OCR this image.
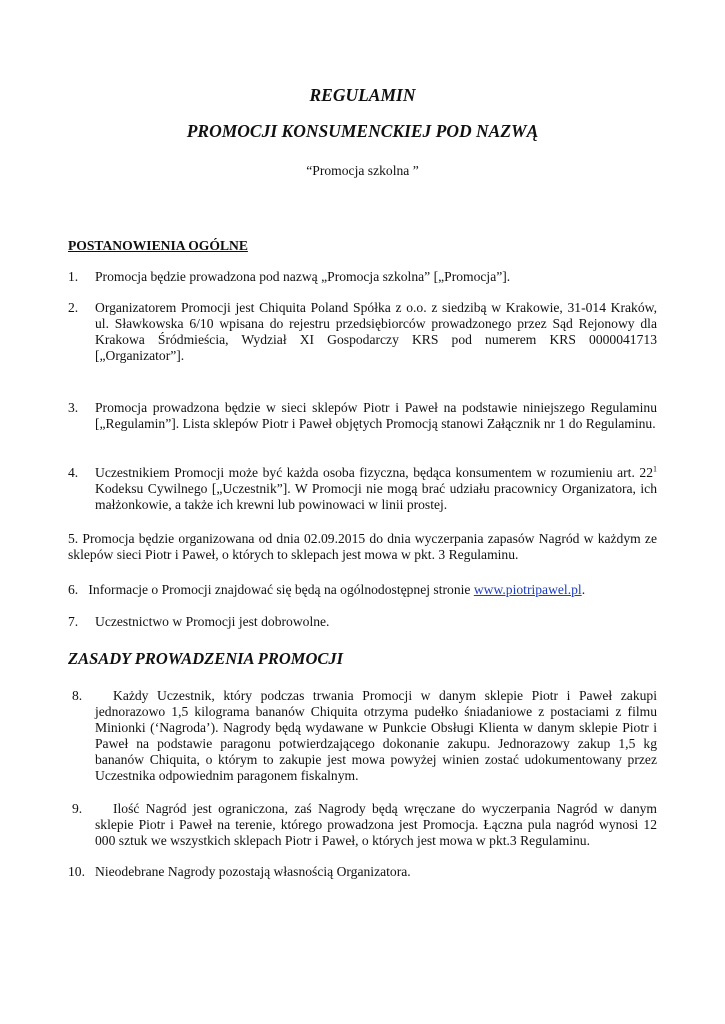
REGULAMIN
PROMOCJI KONSUMENCKIEJ POD NAZWĄ
“Promocja szkolna ”
POSTANOWIENIA OGÓLNE
1. Promocja będzie prowadzona pod nazwą „Promocja szkolna” [„Promocja”].
2. Organizatorem Promocji jest Chiquita Poland Spółka z o.o. z siedzibą w Krakowie, 31-014 Kraków, ul. Sławkowska 6/10 wpisana do rejestru przedsiębiorców prowadzonego przez Sąd Rejonowy dla Krakowa Śródmieścia, Wydział XI Gospodarczy KRS pod numerem KRS 0000041713 [„Organizator”].
3. Promocja prowadzona będzie w sieci sklepów Piotr i Paweł na podstawie niniejszego Regulaminu [„Regulamin”]. Lista sklepów Piotr i Paweł objętych Promocją stanowi Załącznik nr 1 do Regulaminu.
4. Uczestnikiem Promocji może być każda osoba fizyczna, będąca konsumentem w rozumieniu art. $22^1$ Kodeksu Cywilnego [„Uczestnik”]. W Promocji nie mogą brać udziału pracownicy Organizatora, ich małżonkowie, a także ich krewni lub powinowaci w linii prostej.
5. Promocja będzie organizowana od dnia 02.09.2015 do dnia wyczerpania zapasów Nagród w każdym ze sklepów sieci Piotr i Paweł, o których to sklepach jest mowa w pkt. 3 Regulaminu.
6. Informacje o Promocji znajdować się będą na ogólnodostępnej stronie www.piotripawel.pl.
7. Uczestnictwo w Promocji jest dobrowolne.
ZASADY PROWADZENIA PROMOCJI
8.	Każdy Uczestnik, który podczas trwania Promocji w danym sklepie Piotr i Paweł zakupi jednorazowo 1,5 kilograma bananów Chiquita otrzyma pudełko śniadaniowe z postaciami z filmu Minionki (‘Nagroda’). Nagrody będą wydawane w Punkcie Obsługi Klienta w danym sklepie Piotr i Paweł na podstawie paragonu potwierdzającego dokonanie zakupu. Jednorazowy zakup 1,5 kg bananów Chiquita, o którym to zakupie jest mowa powyżej winien zostać udokumentowany przez Uczestnika odpowiednim paragonem fiskalnym.
9.	Ilość Nagród jest ograniczona, zaś Nagrody będą wręczane do wyczerpania Nagród w danym sklepie Piotr i Paweł na terenie, którego prowadzona jest Promocja. Łączna pula nagród wynosi 12 000 sztuk we wszystkich sklepach Piotr i Paweł, o których jest mowa w pkt.3 Regulaminu.
10. Nieodebrane Nagrody pozostają własnością Organizatora.
